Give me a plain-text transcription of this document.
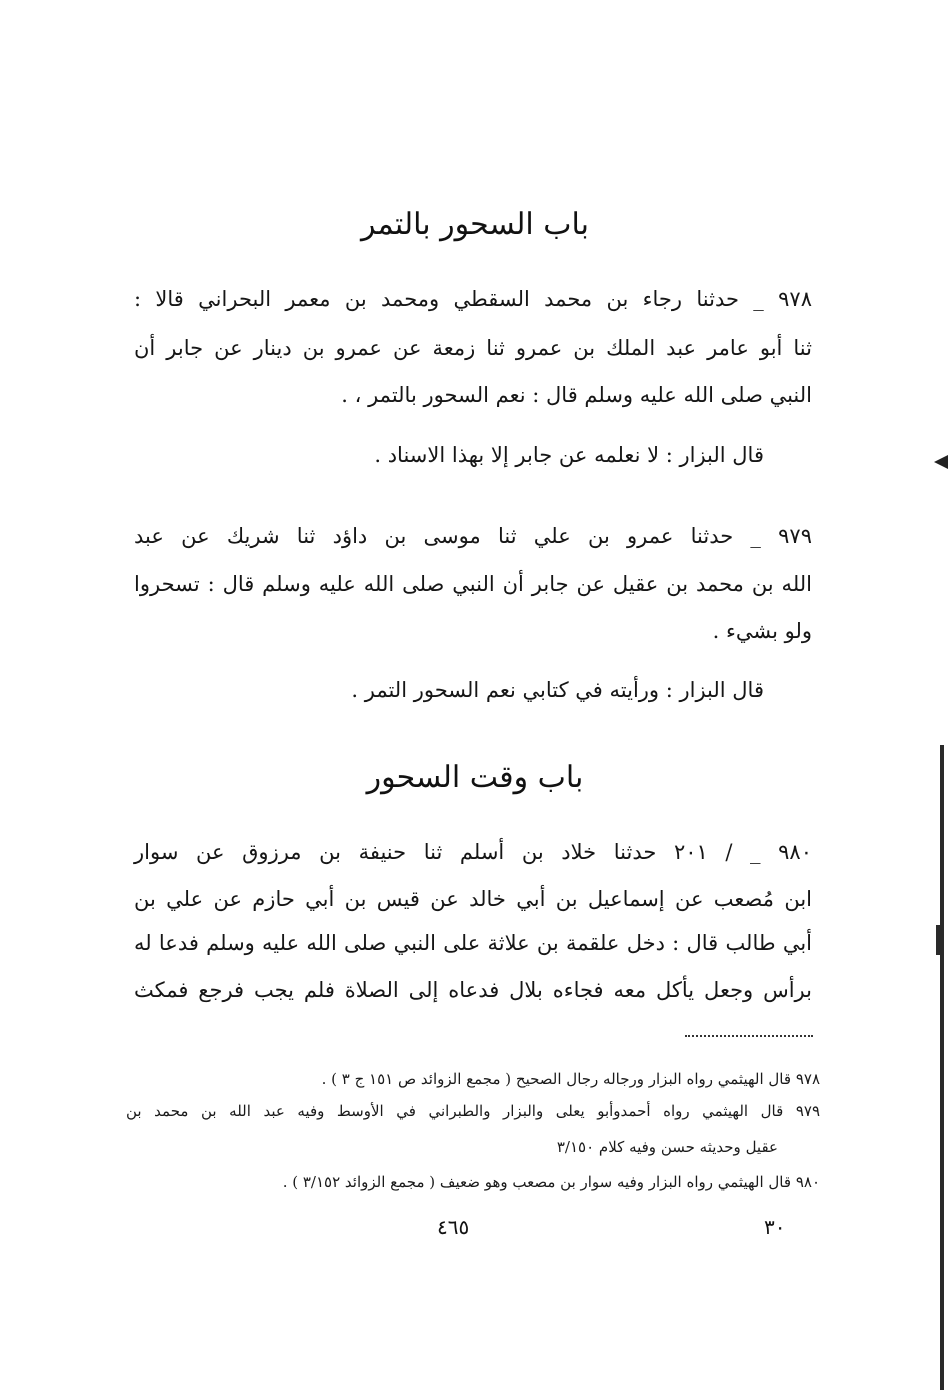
باب السحور بالتمر
٩٧٨ _ حدثنا رجاء بن محمد السقطي ومحمد بن معمر البحراني قالا :
ثنا أبو عامر عبد الملك بن عمرو ثنا زمعة عن عمرو بن دينار عن جابر أن
النبي صلى الله عليه وسلم قال : نعم السحور بالتمر ، .
قال البزار : لا نعلمه عن جابر إلا بهذا الاسناد .
٩٧٩ _ حدثنا عمرو بن علي ثنا موسى بن داؤد ثنا شريك عن عبد
الله بن محمد بن عقيل عن جابر أن النبي صلى الله عليه وسلم قال : تسحروا
ولو بشيء .
قال البزار : ورأيته في كتابي نعم السحور التمر .
باب وقت السحور
٩٨٠ _ / ٢٠١ حدثنا خلاد بن أسلم ثنا حنيفة بن مرزوق عن سوار
ابن مُصعب عن إسماعيل بن أبي خالد عن قيس بن أبي حازم عن علي بن
أبي طالب قال : دخل علقمة بن علاثة على النبي صلى الله عليه وسلم فدعا له
برأس وجعل يأكل معه فجاءه بلال فدعاه إلى الصلاة فلم يجب فرجع فمكث
٩٧٨ قال الهيثمي رواه البزار ورجاله رجال الصحيح ( مجمع الزوائد ص ١٥١ ج ٣ ) .
٩٧٩ قال الهيثمي رواه أحمدوأبو يعلى والبزار والطبراني في الأوسط وفيه عبد الله بن محمد بن
عقيل وحديثه حسن وفيه كلام ٣/١٥٠
٩٨٠ قال الهيثمي رواه البزار وفيه سوار بن مصعب وهو ضعيف ( مجمع الزوائد ٣/١٥٢ ) .
٤٦٥	٣٠
